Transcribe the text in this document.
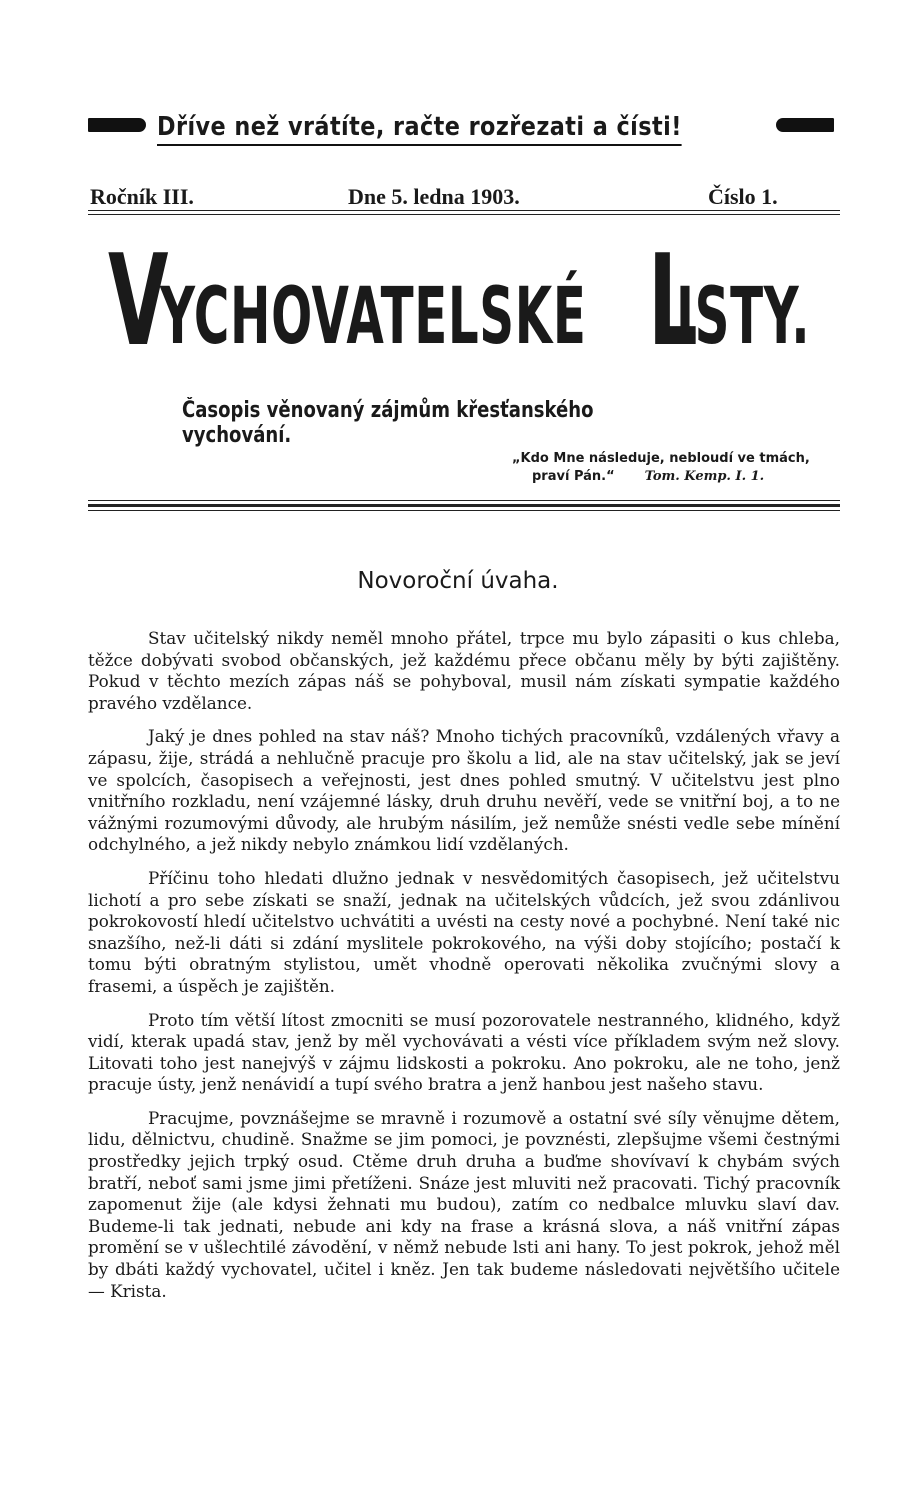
Dříve než vrátíte, račte rozřezati a čísti!
Ročník III.	Dne 5. ledna 1903.	Číslo 1.
V
YCHOVATELSKÉ L
ISTY.
Časopis věnovaný zájmům křesťanského vychování.
„Kdo Mne následuje, nebloudí ve tmách,
praví Pán.“ Tom. Kemp. I. 1.
Novoroční úvaha.

Stav učitelský nikdy neměl mnoho přátel, trpce mu bylo zápasiti o kus chleba, těžce dobývati svobod občanských, jež každému přece občanu měly by býti zajištěny. Pokud v těchto mezích zápas náš se pohyboval, musil nám získati sympatie každého pravého vzdělance.

Jaký je dnes pohled na stav náš? Mnoho tichých pracovníků, vzdálených vřavy a zápasu, žije, strádá a nehlučně pracuje pro školu a lid, ale na stav učitelský, jak se jeví ve spolcích, časopisech a veřejnosti, jest dnes pohled smutný. V učitelstvu jest plno vnitřního rozkladu, není vzájemné lásky, druh druhu nevěří, vede se vnitřní boj, a to ne vážnými rozumovými důvody, ale hrubým násilím, jež nemůže snésti vedle sebe mínění odchylného, a jež nikdy nebylo známkou lidí vzdělaných.

Příčinu toho hledati dlužno jednak v nesvědomitých časopisech, jež učitelstvu lichotí a pro sebe získati se snaží, jednak na učitelských vůdcích, jež svou zdánlivou pokrokovostí hledí učitelstvo uchvátiti a uvésti na cesty nové a pochybné. Není také nic snazšího, než-li dáti si zdání myslitele pokrokového, na výši doby stojícího; postačí k tomu býti obratným stylistou, umět vhodně operovati několika zvučnými slovy a frasemi, a úspěch je zajištěn.

Proto tím větší lítost zmocniti se musí pozorovatele nestranného, klidného, když vidí, kterak upadá stav, jenž by měl vychovávati a vésti více příkladem svým než slovy. Litovati toho jest nanejvýš v zájmu lidskosti a pokroku. Ano pokroku, ale ne toho, jenž pracuje ústy, jenž nenávidí a tupí svého bratra a jenž hanbou jest našeho stavu.

Pracujme, povznášejme se mravně i rozumově a ostatní své síly věnujme dětem, lidu, dělnictvu, chudině. Snažme se jim pomoci, je povznésti, zlepšujme všemi čestnými prostředky jejich trpký osud. Ctěme druh druha a buďme shovívaví k chybám svých bratří, neboť sami jsme jimi přetíženi. Snáze jest mluviti než pracovati. Tichý pracovník zapomenut žije (ale kdysi žehnati mu budou), zatím co nedbalce mluvku slaví dav. Budeme-li tak jednati, nebude ani kdy na frase a krásná slova, a náš vnitřní zápas promění se v ušlechtilé závodění, v němž nebude lsti ani hany. To jest pokrok, jehož měl by dbáti každý vychovatel, učitel i kněz. Jen tak budeme následovati největšího učitele — Krista.
